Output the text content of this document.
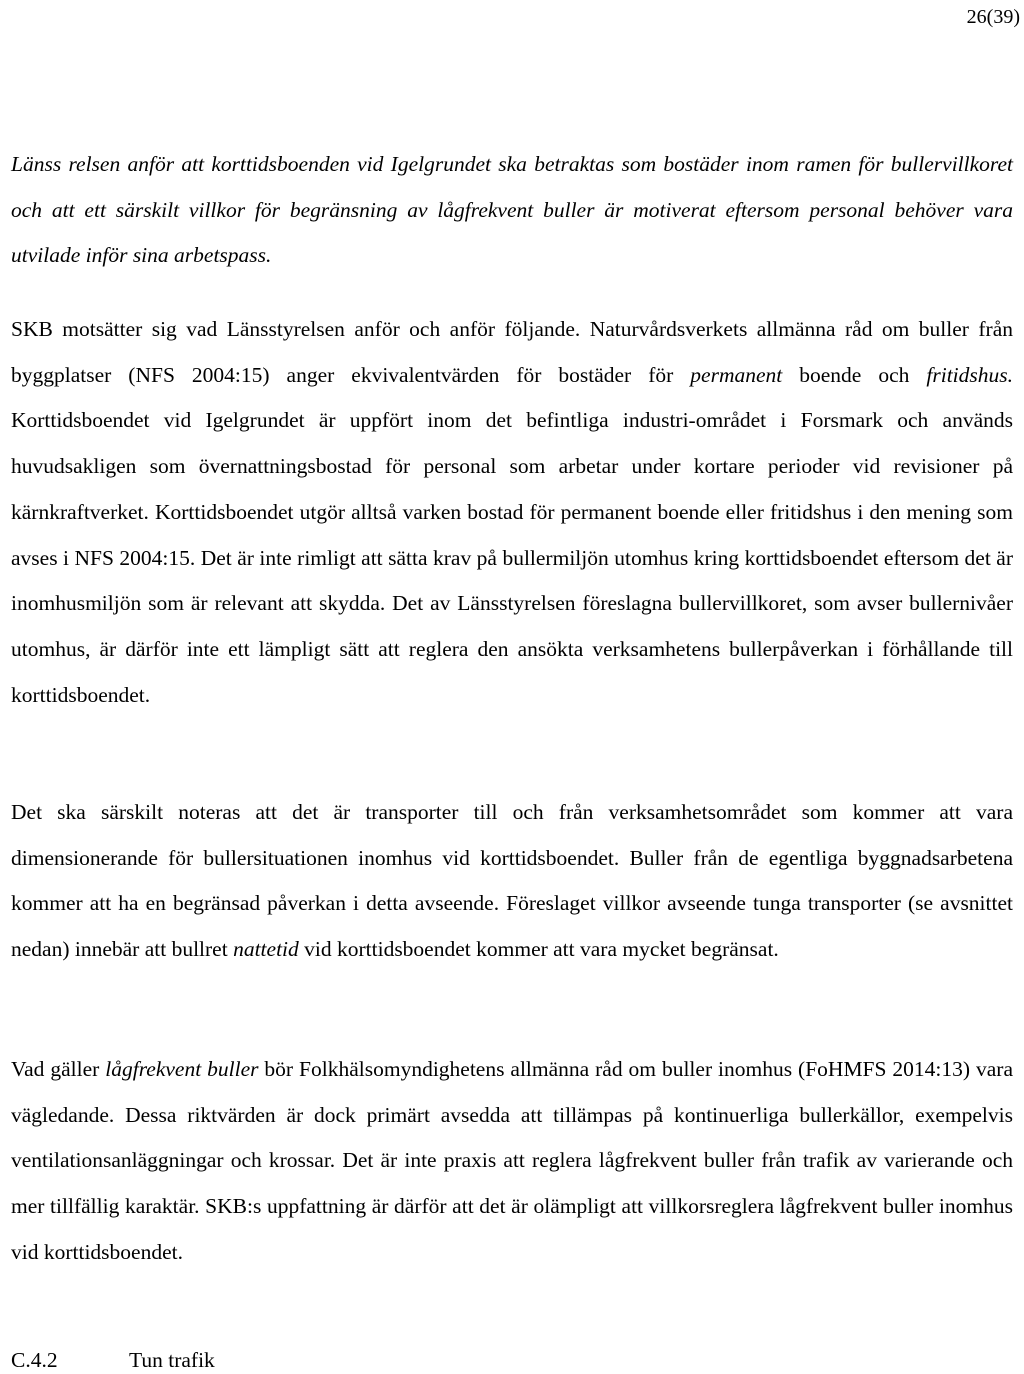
26(39)

Länss relsen anför att korttidsboenden vid Igelgrundet ska betraktas som bostäder inom ramen för bullervillkoret och att ett särskilt villkor för begränsning av lågfrekvent buller är motiverat eftersom personal behöver vara utvilade inför sina arbetspass.

SKB motsätter sig vad Länsstyrelsen anför och anför följande. Naturvårdsverkets allmänna råd om buller från byggplatser (NFS 2004:15) anger ekvivalentvärden för bostäder för permanent boende och fritidshus. Korttidsboendet vid Igelgrundet är uppfört inom det befintliga industri-området i Forsmark och används huvudsakligen som övernattningsbostad för personal som arbetar under kortare perioder vid revisioner på kärnkraftverket. Korttidsboendet utgör alltså varken bostad för permanent boende eller fritidshus i den mening som avses i NFS 2004:15. Det är inte rimligt att sätta krav på bullermiljön utomhus kring korttidsboendet eftersom det är inomhusmiljön som är relevant att skydda. Det av Länsstyrelsen föreslagna bullervillkoret, som avser bullernivåer utomhus, är därför inte ett lämpligt sätt att reglera den ansökta verksamhetens bullerpåverkan i förhållande till korttidsboendet.

Det ska särskilt noteras att det är transporter till och från verksamhetsområdet som kommer att vara dimensionerande för bullersituationen inomhus vid korttidsboendet. Buller från de egentliga byggnadsarbetena kommer att ha en begränsad påverkan i detta avseende. Föreslaget villkor avseende tunga transporter (se avsnittet nedan) innebär att bullret nattetid vid korttidsboendet kommer att vara mycket begränsat.

Vad gäller lågfrekvent buller bör Folkhälsomyndighetens allmänna råd om buller inomhus (FoHMFS 2014:13) vara vägledande. Dessa riktvärden är dock primärt avsedda att tillämpas på kontinuerliga bullerkällor, exempelvis ventilationsanläggningar och krossar. Det är inte praxis att reglera lågfrekvent buller från trafik av varierande och mer tillfällig karaktär. SKB:s uppfattning är därför att det är olämpligt att villkorsreglera lågfrekvent buller inomhus vid korttidsboendet.

C.4.2	Tun trafik
